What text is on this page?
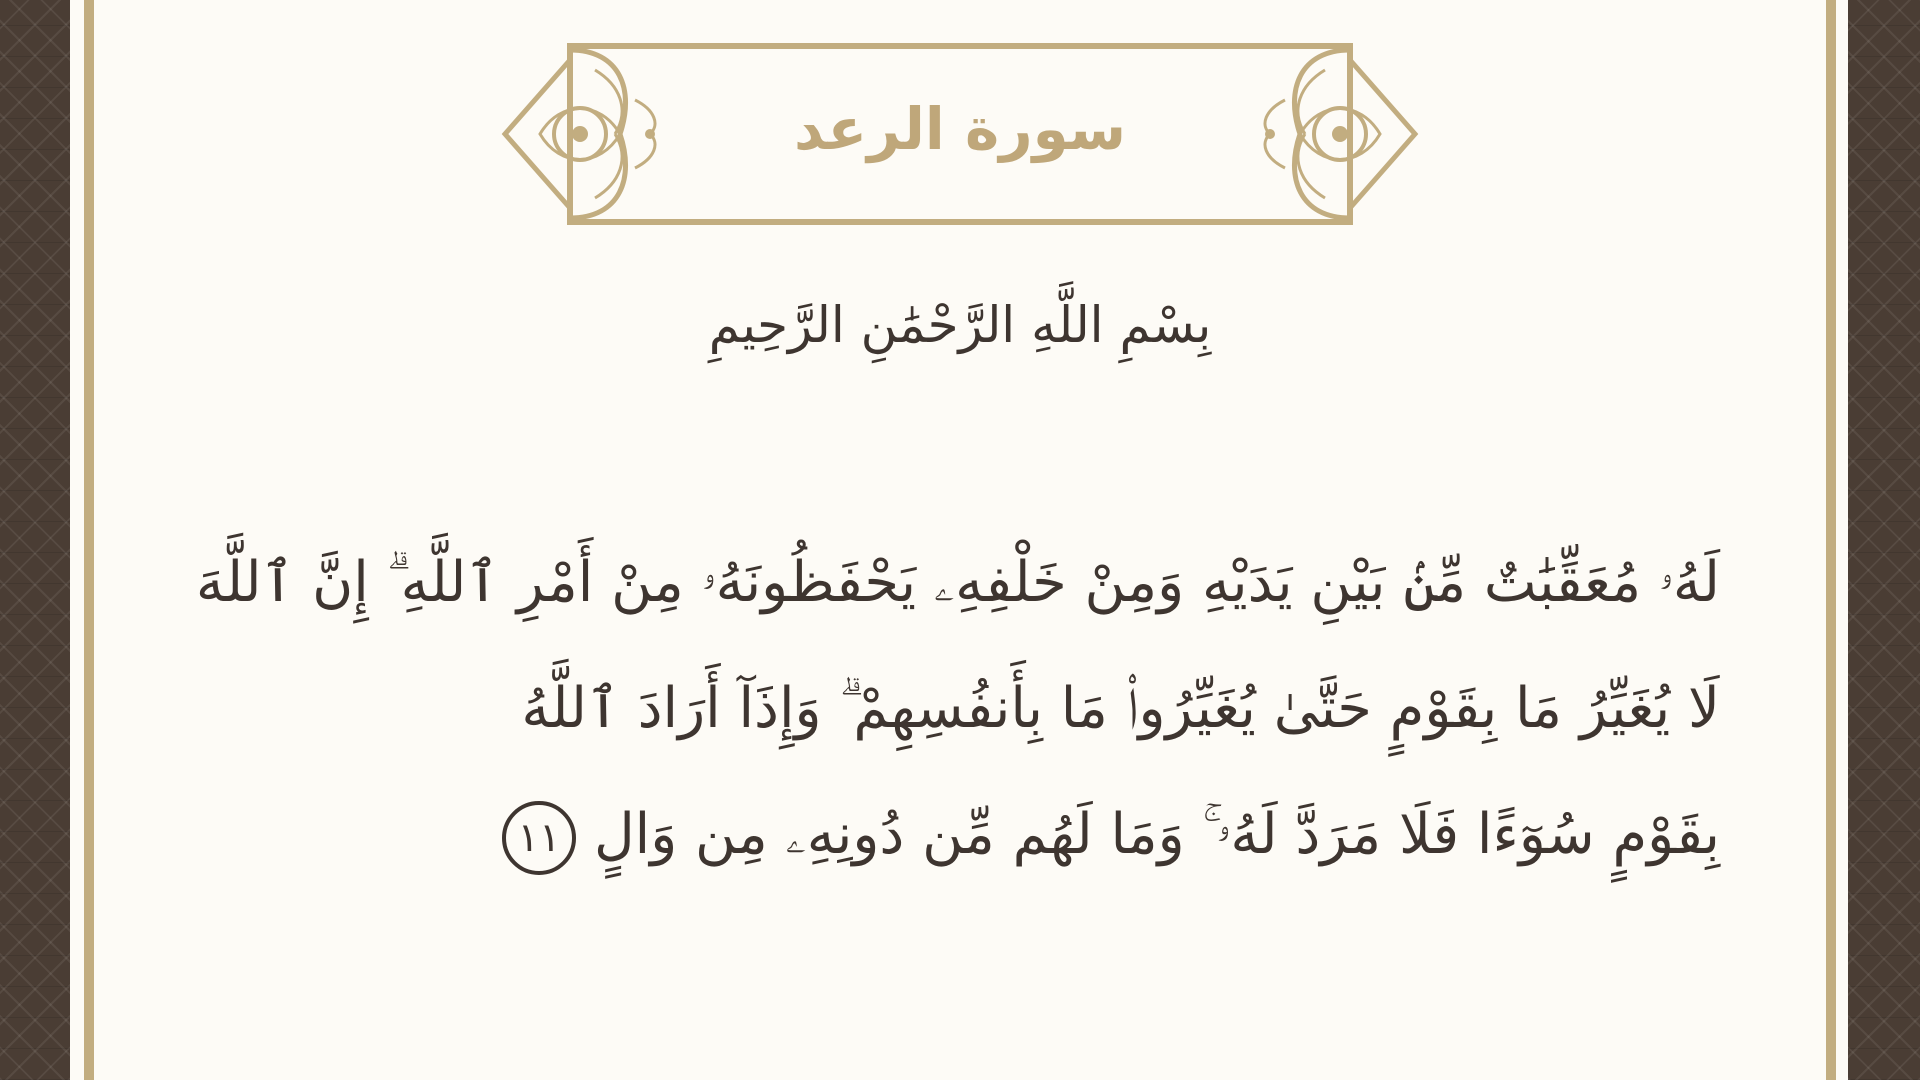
سورة الرعد
بِسْمِ اللَّهِ الرَّحْمَٰنِ الرَّحِيمِ
لَهُۥ مُعَقِّبَٰتٌ مِّنۢ بَيْنِ يَدَيْهِ وَمِنْ خَلْفِهِۦ يَحْفَظُونَهُۥ مِنْ أَمْرِ ٱللَّهِ ۗ إِنَّ ٱللَّهَ
لَا يُغَيِّرُ مَا بِقَوْمٍ حَتَّىٰ يُغَيِّرُوا۟ مَا بِأَنفُسِهِمْ ۗ وَإِذَآ أَرَادَ ٱللَّهُ
بِقَوْمٍ سُوٓءًا فَلَا مَرَدَّ لَهُۥ ۚ وَمَا لَهُم مِّن دُونِهِۦ مِن وَالٍ١١
